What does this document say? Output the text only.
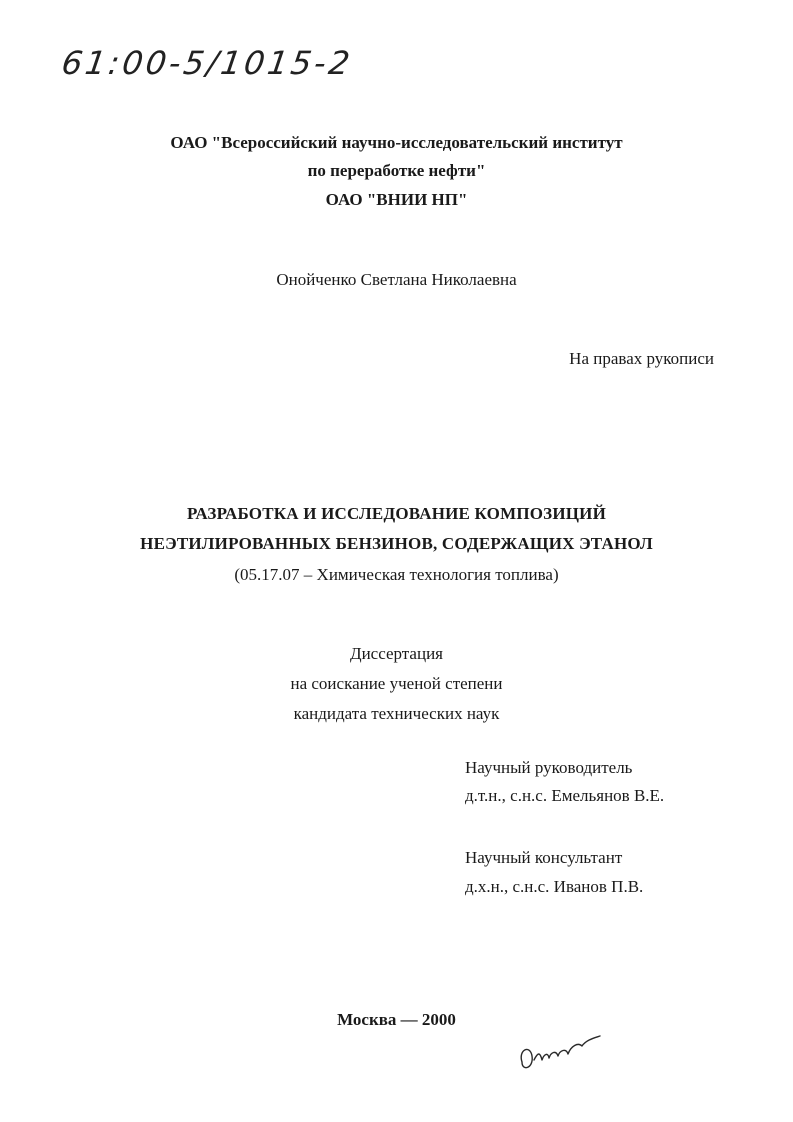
61:00-5/1015-2
ОАО "Всероссийский научно-исследовательский институт
по переработке нефти"
ОАО "ВНИИ НП"
Онойченко Светлана Николаевна
На правах рукописи
РАЗРАБОТКА И ИССЛЕДОВАНИЕ КОМПОЗИЦИЙ
НЕЭТИЛИРОВАННЫХ БЕНЗИНОВ, СОДЕРЖАЩИХ ЭТАНОЛ
(05.17.07 – Химическая технология топлива)
Диссертация
на соискание ученой степени
кандидата технических наук
Научный руководитель
д.т.н., с.н.с. Емельянов В.Е.
Научный консультант
д.х.н., с.н.с. Иванов П.В.
Москва — 2000
